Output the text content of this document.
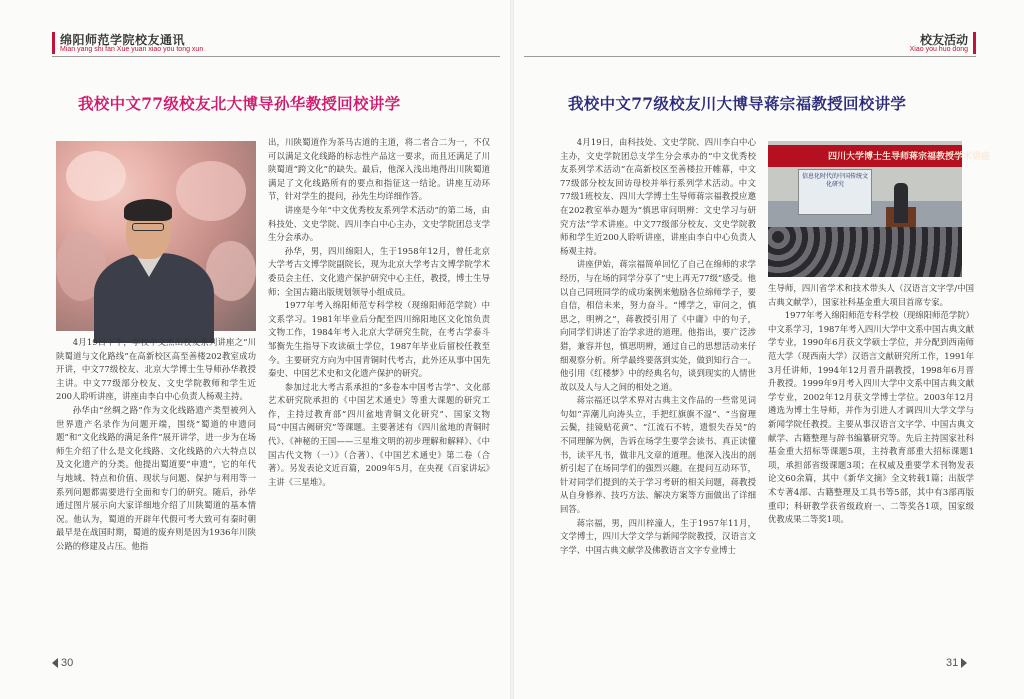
绵阳师范学院校友通讯
Mian yang shi fan Xue yuan xiao you tong xun
校友活动
Xiao you huo dong
我校中文77级校友北大博导孙华教授回校讲学	我校中文77级校友川大博导蒋宗福教授回校讲学

4月19日下午，学校中文杰出校友系列讲座之“川陕蜀道与文化路线”在高新校区高至善楼202教室成功开讲，中文77级校友、北京大学博士生导师孙华教授主讲。中文77级部分校友、文史学院教师和学生近200人聆听讲座，讲座由李白中心负责人杨观主持。

孙华由“丝绸之路”作为文化线路遗产类型被列入世界遗产名录作为问题开端，围绕“蜀道的申遗问题”和“文化线路的满足条件”展开讲学，进一步为在场师生介绍了什么是文化线路、文化线路的六大特点以及文化遗产的分类。他提出蜀道要“申遗”，它的年代与地域、特点和价值、现状与问题、保护与利用等一系列问题都需要进行全面和专门的研究。随后，孙华通过图片展示向大家详细地介绍了川陕蜀道的基本情况。他认为，蜀道的开辟年代假可考大致可有秦时朝最早是在战国时期，蜀道的废弃则是因为1936年川陕公路的修建及占压。他指

出，川陕蜀道作为茶马古道的主道，将二者合二为一，不仅可以满足文化线路的标志性产品这一要求，而且还满足了川陕蜀道“跨文化”的缺失。最后，他深入浅出地得出川陕蜀道满足了文化线路所有的要点和指征这一结论。讲座互动环节，针对学生的提问，孙先生均详细作答。

讲座是今年“中文优秀校友系列学术活动”的第二场，由科技处、文史学院、四川李白中心主办，文史学院团总支学生分会承办。

孙华，男，四川绵阳人，生于1958年12月，曾任北京大学考古文博学院副院长，现为北京大学考古文博学院学术委员会主任、文化遗产保护研究中心主任，教授，博士生导师；全国古籍出版规划领导小组成员。

1977年考入绵阳师范专科学校（现绵阳师范学院）中文系学习。1981年毕业后分配至四川绵阳地区文化馆负责文物工作，1984年考入北京大学研究生院，在考古学泰斗邹衡先生指导下攻读硕士学位，1987年毕业后留校任教至今。主要研究方向为中国青铜时代考古，此外还从事中国先秦史、中国艺术史和文化遗产保护的研究。

参加过北大考古系承担的“多卷本中国考古学”、文化部艺术研究院承担的《中国艺术通史》等重大课题的研究工作，主持过教育部“四川盆地青铜文化研究”、国家文物局“中国古阙研究”等课题。主要著述有《四川盆地的青铜时代》、《神秘的王国——三星堆文明的初步理解和解释》、《中国古代文物（一）》（合著）、《中国艺术通史》第二卷（合著）。另发表论文近百篇，2009年5月，在央视《百家讲坛》主讲《三星堆》。

4月19日，由科技处、文史学院、四川李白中心主办，文史学院团总支学生分会承办的“中文优秀校友系列学术活动”在高新校区至善楼拉开帷幕，中文77级部分校友回访母校并举行系列学术活动。中文77级1班校友、四川大学博士生导师蒋宗福教授应邀在202教室举办题为“慎思审问明辨：文史学习与研究方法”学术讲座。中文77级部分校友、文史学院教师和学生近200人聆听讲座，讲座由李白中心负责人杨观主持。

讲座伊始，蒋宗福简单回忆了自己在绵师的求学经历，与在场的同学分享了“史上再无77级”感受。他以自己同班同学的成功案例来勉励各位绵师学子，要自信，相信未来，努力奋斗。“博学之，审问之，慎思之，明辨之”，蒋教授引用了《中庸》中的句子，向同学们讲述了治学求进的道理。他指出，要广泛涉猎，兼容并包，慎思明辨，通过自己的思想活动来仔细观察分析。所学最终要落到实处，做到知行合一。他引用《红楼梦》中的经典名句，谈到现实的人情世故以及人与人之间的相处之道。

蒋宗福还以学术界对古典主文作品的一些常见词句如“弄潮儿向涛头立，手把红旗旗不湿”、“当窗理云鬓，挂镜贴花黄”、“江流石不转，遗恨失吞吴”的不同理解为例，告诉在场学生要学会读书、真正读懂书，读平凡书，做非凡文章的道理。他深入浅出的剖析引起了在场同学们的强烈兴趣。在提问互动环节，针对同学们提到的关于学习考研的相关问题，蒋教授从自身修养、技巧方法、解决方案等方面做出了详细回答。

蒋宗福，男，四川梓潼人，生于1957年11月，文学博士，四川大学文学与新闻学院教授，汉语言文字学、中国古典文献学及佛教语言文字专业博士

四川大学博士生导师蒋宗福教授学术讲座
信息化时代的中国传统文化研究

生导师，四川省学术和技术带头人（汉语言文字学/中国古典文献学），国家社科基金重大项目首席专家。

1977年考入绵阳师范专科学校（现绵阳师范学院）中文系学习，1987年考入四川大学中文系中国古典文献学专业，1990年6月获文学硕士学位，并分配到西南师范大学（现西南大学）汉语言文献研究所工作，1991年3月任讲师，1994年12月晋升副教授，1998年6月晋升教授。1999年9月考入四川大学中文系中国古典文献学专业，2002年12月获文学博士学位。2003年12月遴选为博士生导师，并作为引进人才调四川大学文学与新闻学院任教授。主要从事汉语言文字学、中国古典文献学、古籍整理与辞书编纂研究等。先后主持国家社科基金重大招标等课题5项，主持教育部重大招标课题1项，承担部省级课题3项；在权威及重要学术刊物发表论文60余篇，其中《新华文摘》全文转载1篇；出版学术专著4部、古籍整理及工具书等5部，其中有3部再版重印；科研教学获省级政府一、二等奖各1项，国家级优教成果二等奖1项。

30	31
